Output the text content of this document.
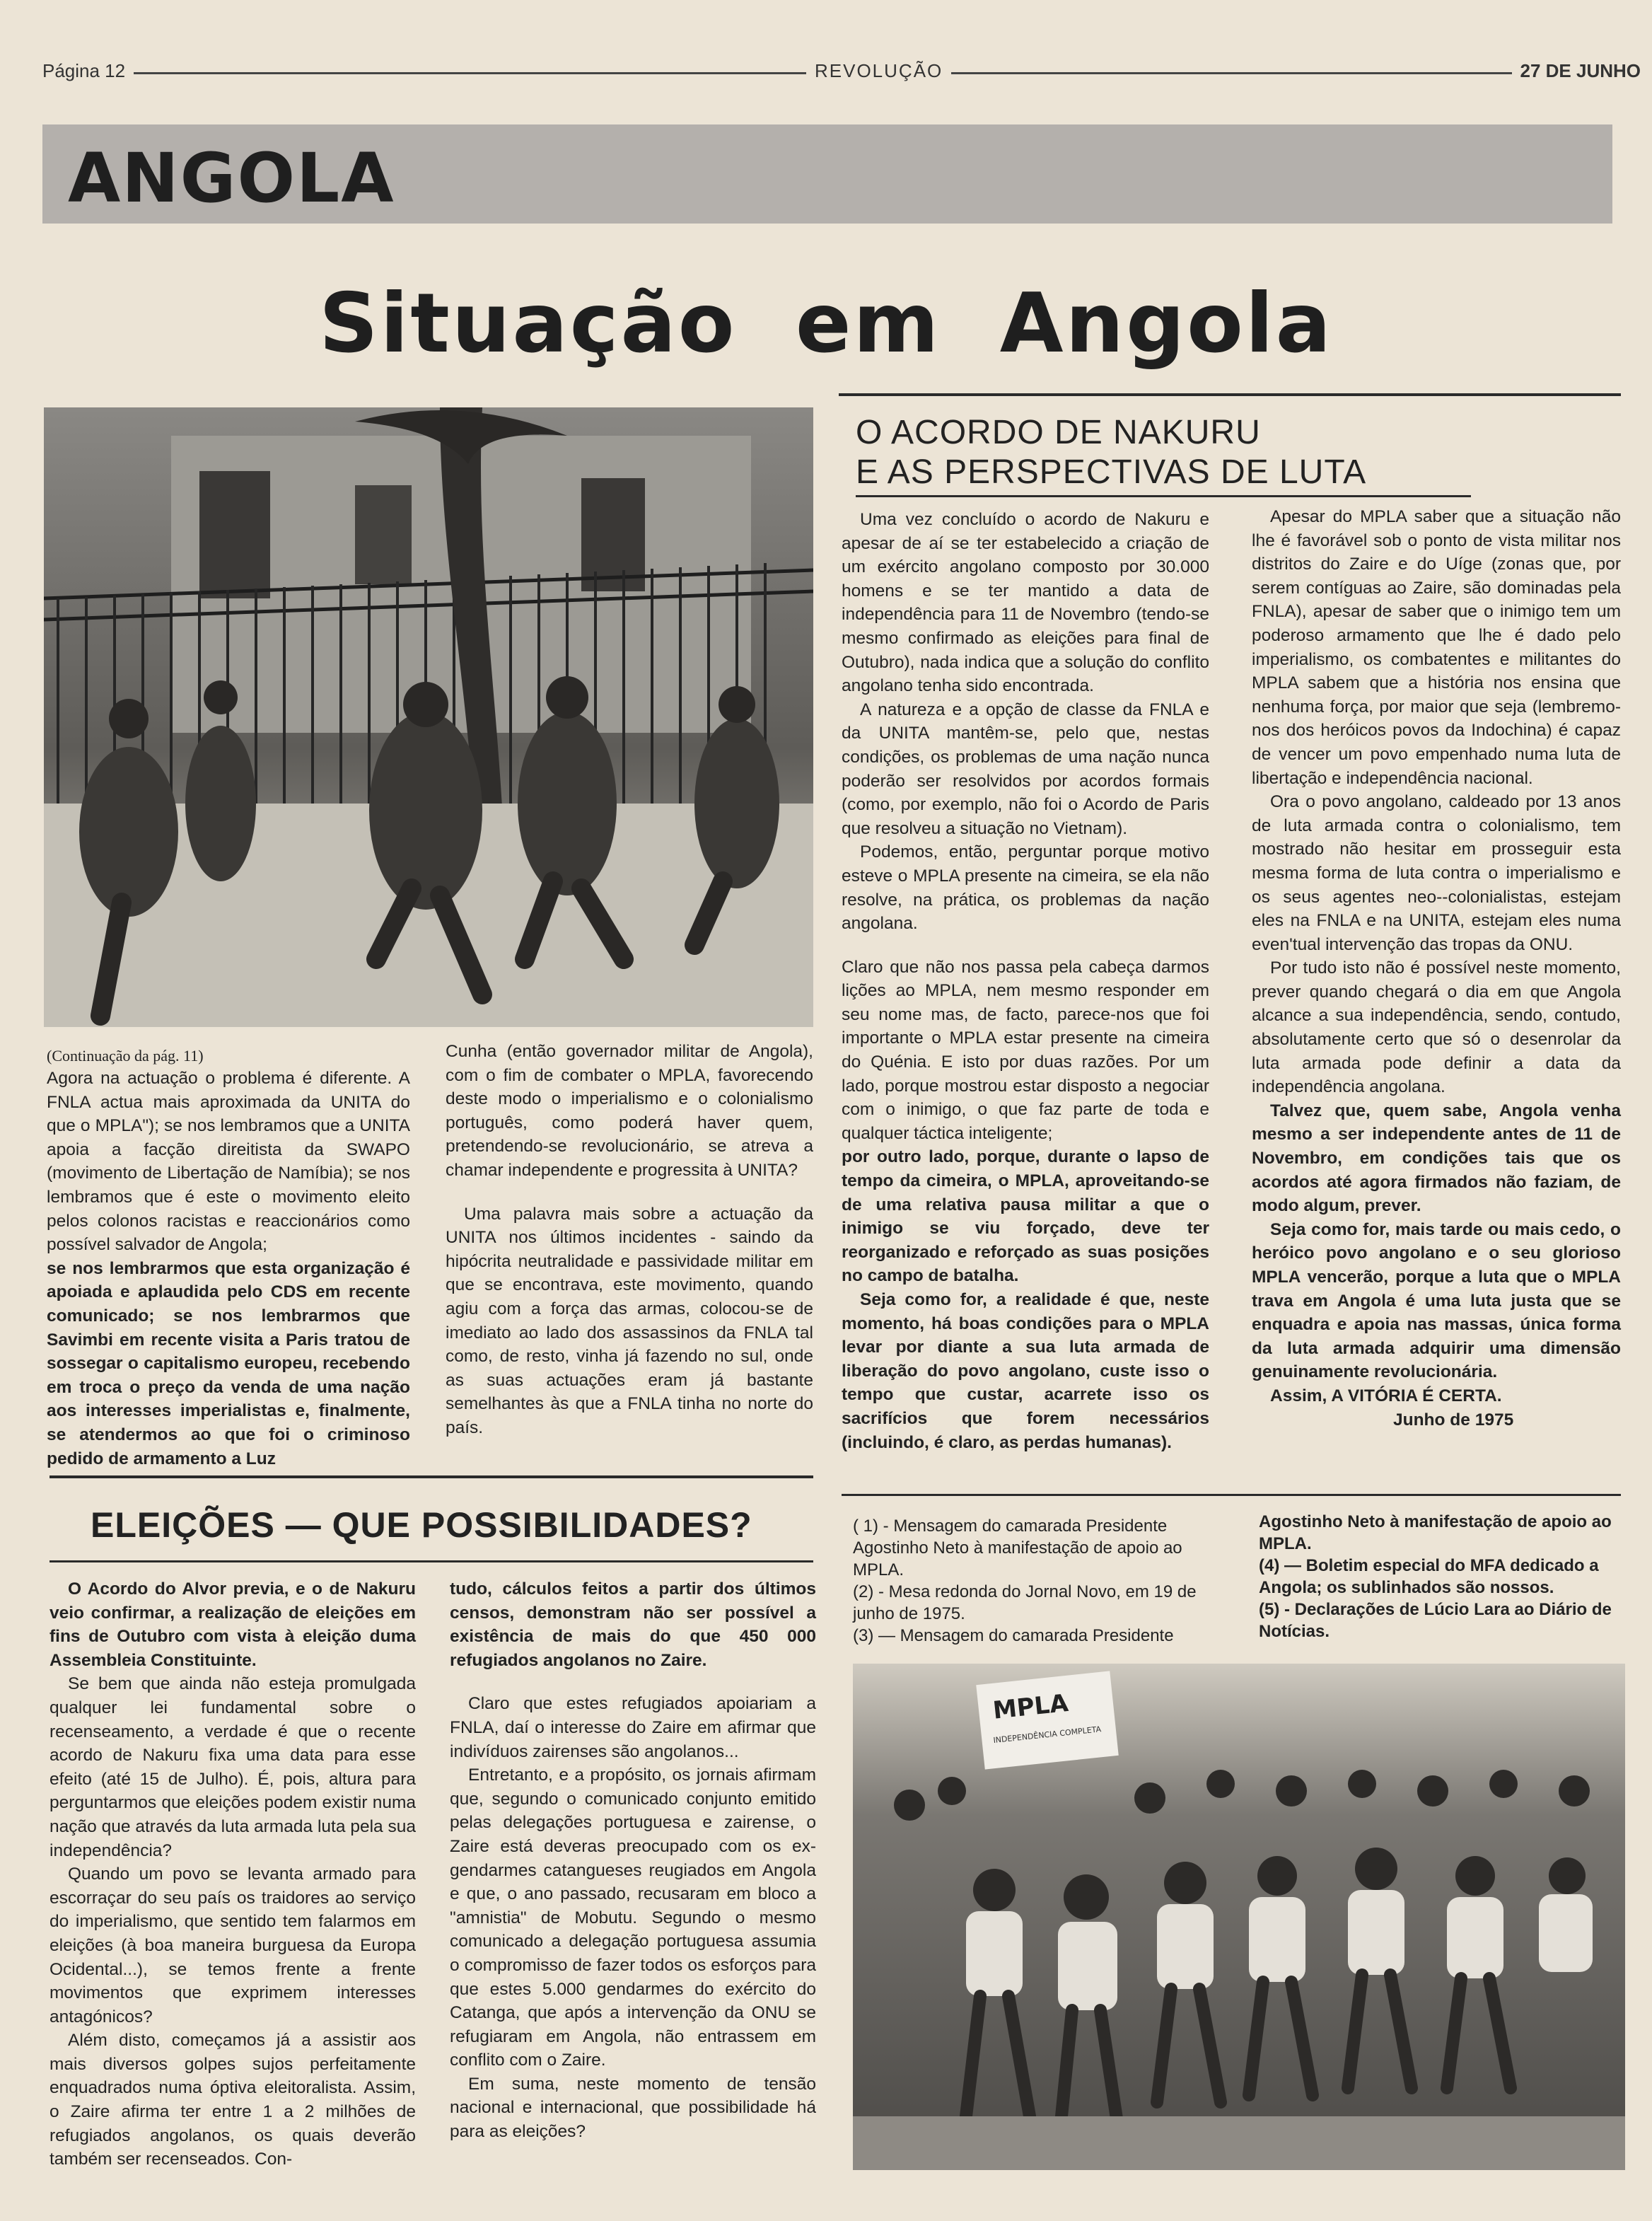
Página 12	REVOLUÇÃO	27 DE JUNHO
ANGOLA
Situação em Angola

(Continuação da pág. 11)

Agora na actuação o problema é diferente. A FNLA actua mais aproximada da UNITA do que o MPLA"); se nos lembramos que a UNITA apoia a facção direitista da SWAPO (movimento de Libertação de Namíbia); se nos lembramos que é este o movimento eleito pelos colonos racistas e reaccionários como possível salvador de Angola;

se nos lembrarmos que esta organização é apoiada e aplaudida pelo CDS em recente comunicado; se nos lembrarmos que Savimbi em recente visita a Paris tratou de sossegar o capitalismo europeu, recebendo em troca o preço da venda de uma nação aos interesses imperialistas e, finalmente, se atendermos ao que foi o criminoso pedido de armamento a Luz

Cunha (então governador militar de Angola), com o fim de combater o MPLA, favorecendo deste modo o imperialismo e o colonialismo português, como poderá haver quem, pretendendo-se revolucionário, se atreva a chamar independente e progressita à UNITA?

Uma palavra mais sobre a actuação da UNITA nos últimos incidentes - saindo da hipócrita neutralidade e passividade militar em que se encontrava, este movimento, quando agiu com a força das armas, colocou-se de imediato ao lado dos assassinos da FNLA tal como, de resto, vinha já fazendo no sul, onde as suas actuações eram já bastante semelhantes às que a FNLA tinha no norte do país.

O ACORDO DE NAKURU
E AS PERSPECTIVAS DE LUTA

Uma vez concluído o acordo de Nakuru e apesar de aí se ter estabelecido a criação de um exército angolano composto por 30.000 homens e se ter mantido a data de independência para 11 de Novembro (tendo-se mesmo confirmado as eleições para final de Outubro), nada indica que a solução do conflito angolano tenha sido encontrada.

A natureza e a opção de classe da FNLA e da UNITA mantêm-se, pelo que, nestas condições, os problemas de uma nação nunca poderão ser resolvidos por acordos formais (como, por exemplo, não foi o Acordo de Paris que resolveu a situação no Vietnam).

Podemos, então, perguntar porque motivo esteve o MPLA presente na cimeira, se ela não resolve, na prática, os problemas da nação angolana.

Claro que não nos passa pela cabeça darmos lições ao MPLA, nem mesmo responder em seu nome mas, de facto, parece-nos que foi importante o MPLA estar presente na cimeira do Quénia. E isto por duas razões. Por um lado, porque mostrou estar disposto a negociar com o inimigo, o que faz parte de toda e qualquer táctica inteligente;

por outro lado, porque, durante o lapso de tempo da cimeira, o MPLA, aproveitando-se de uma relativa pausa militar a que o inimigo se viu forçado, deve ter reorganizado e reforçado as suas posições no campo de batalha.

Seja como for, a realidade é que, neste momento, há boas condições para o MPLA levar por diante a sua luta armada de liberação do povo angolano, custe isso o tempo que custar, acarrete isso os sacrifícios que forem necessários (incluindo, é claro, as perdas humanas).

Apesar do MPLA saber que a situação não lhe é favorável sob o ponto de vista militar nos distritos do Zaire e do Uíge (zonas que, por serem contíguas ao Zaire, são dominadas pela FNLA), apesar de saber que o inimigo tem um poderoso armamento que lhe é dado pelo imperialismo, os combatentes e militantes do MPLA sabem que a história nos ensina que nenhuma força, por maior que seja (lembremo-nos dos heróicos povos da Indochina) é capaz de vencer um povo empenhado numa luta de libertação e independência nacional.

Ora o povo angolano, caldeado por 13 anos de luta armada contra o colonialismo, tem mostrado não hesitar em prosseguir esta mesma forma de luta contra o imperialismo e os seus agentes neo--colonialistas, estejam eles na FNLA e na UNITA, estejam eles numa even'tual intervenção das tropas da ONU.

Por tudo isto não é possível neste momento, prever quando chegará o dia em que Angola alcance a sua independência, sendo, contudo, absolutamente certo que só o desenrolar da luta armada pode definir a data da independência angolana.

Talvez que, quem sabe, Angola venha mesmo a ser independente antes de 11 de Novembro, em condições tais que os acordos até agora firmados não faziam, de modo algum, prever.

Seja como for, mais tarde ou mais cedo, o heróico povo angolano e o seu glorioso MPLA vencerão, porque a luta que o MPLA trava em Angola é uma luta justa que se enquadra e apoia nas massas, única forma da luta armada adquirir uma dimensão genuinamente revolucionária.

Assim, A VITÓRIA É CERTA.

Junho de 1975

( 1) - Mensagem do camarada Presidente Agostinho Neto à manifestação de apoio ao MPLA.
(2) - Mesa redonda do Jornal Novo, em 19 de junho de 1975.
(3) — Mensagem do camarada Presidente
Agostinho Neto à manifestação de apoio ao MPLA.
(4) — Boletim especial do MFA dedicado a Angola; os sublinhados são nossos.
(5) - Declarações de Lúcio Lara ao Diário de Notícias.
MPLA
INDEPENDÊNCIA COMPLETA
ELEIÇÕES — QUE POSSIBILIDADES?

O Acordo do Alvor previa, e o de Nakuru veio confirmar, a realização de eleições em fins de Outubro com vista à eleição duma Assembleia Constituinte.

Se bem que ainda não esteja promulgada qualquer lei fundamental sobre o recenseamento, a verdade é que o recente acordo de Nakuru fixa uma data para esse efeito (até 15 de Julho). É, pois, altura para perguntarmos que eleições podem existir numa nação que através da luta armada luta pela sua independência?

Quando um povo se levanta armado para escorraçar do seu país os traidores ao serviço do imperialismo, que sentido tem falarmos em eleições (à boa maneira burguesa da Europa Ocidental...), se temos frente a frente movimentos que exprimem interesses antagónicos?

Além disto, começamos já a assistir aos mais diversos golpes sujos perfeitamente enquadrados numa óptiva eleitoralista. Assim, o Zaire afirma ter entre 1 a 2 milhões de refugiados angolanos, os quais deverão também ser recenseados. Con-

tudo, cálculos feitos a partir dos últimos censos, demonstram não ser possível a existência de mais do que 450 000 refugiados angolanos no Zaire.

Claro que estes refugiados apoiariam a FNLA, daí o interesse do Zaire em afirmar que indivíduos zairenses são angolanos...

Entretanto, e a propósito, os jornais afirmam que, segundo o comunicado conjunto emitido pelas delegações portuguesa e zairense, o Zaire está deveras preocupado com os ex-gendarmes catangueses reugiados em Angola e que, o ano passado, recusaram em bloco a "amnistia" de Mobutu. Segundo o mesmo comunicado a delegação portuguesa assumia o compromisso de fazer todos os esforços para que estes 5.000 gendarmes do exército do Catanga, que após a intervenção da ONU se refugiaram em Angola, não entrassem em conflito com o Zaire.

Em suma, neste momento de tensão nacional e internacional, que possibilidade há para as eleições?
